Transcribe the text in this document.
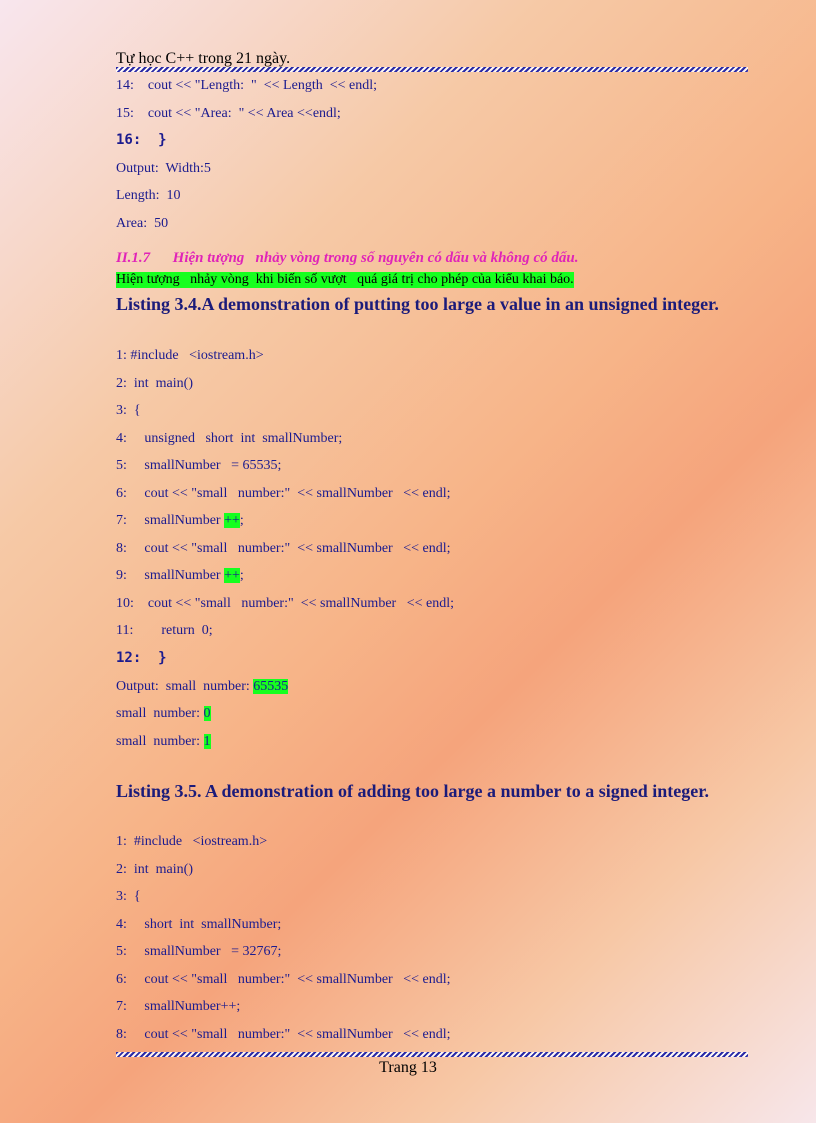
Tự học C++ trong 21 ngày.
14:    cout << "Length:  "  << Length  << endl;
15:    cout << "Area:  " << Area <<endl;
16:  }
Output:  Width:5
Length:  10
Area:  50
II.1.7      Hiện tượng   nhảy vòng trong số nguyên có dấu và không có dấu.
Hiện tượng   nhảy vòng  khi biến số vượt   quá giá trị cho phép của kiểu khai báo.
Listing 3.4.A demonstration of putting too large a value in an unsigned integer.
1: #include   <iostream.h>
2:  int  main()
3:  {
4:     unsigned   short  int  smallNumber;
5:     smallNumber   = 65535;
6:     cout << "small   number:"  << smallNumber   << endl;
7:     smallNumber ++;
8:     cout << "small   number:"  << smallNumber   << endl;
9:     smallNumber ++;
10:    cout << "small   number:"  << smallNumber   << endl;
11:        return  0;
12:  }
Output:  small  number: 65535
small  number: 0
small  number: 1
Listing 3.5. A demonstration of adding too large a number to a signed integer.
1:  #include   <iostream.h>
2:  int  main()
3:  {
4:     short  int  smallNumber;
5:     smallNumber   = 32767;
6:     cout << "small   number:"  << smallNumber   << endl;
7:     smallNumber++;
8:     cout << "small   number:"  << smallNumber   << endl;
Trang 13
